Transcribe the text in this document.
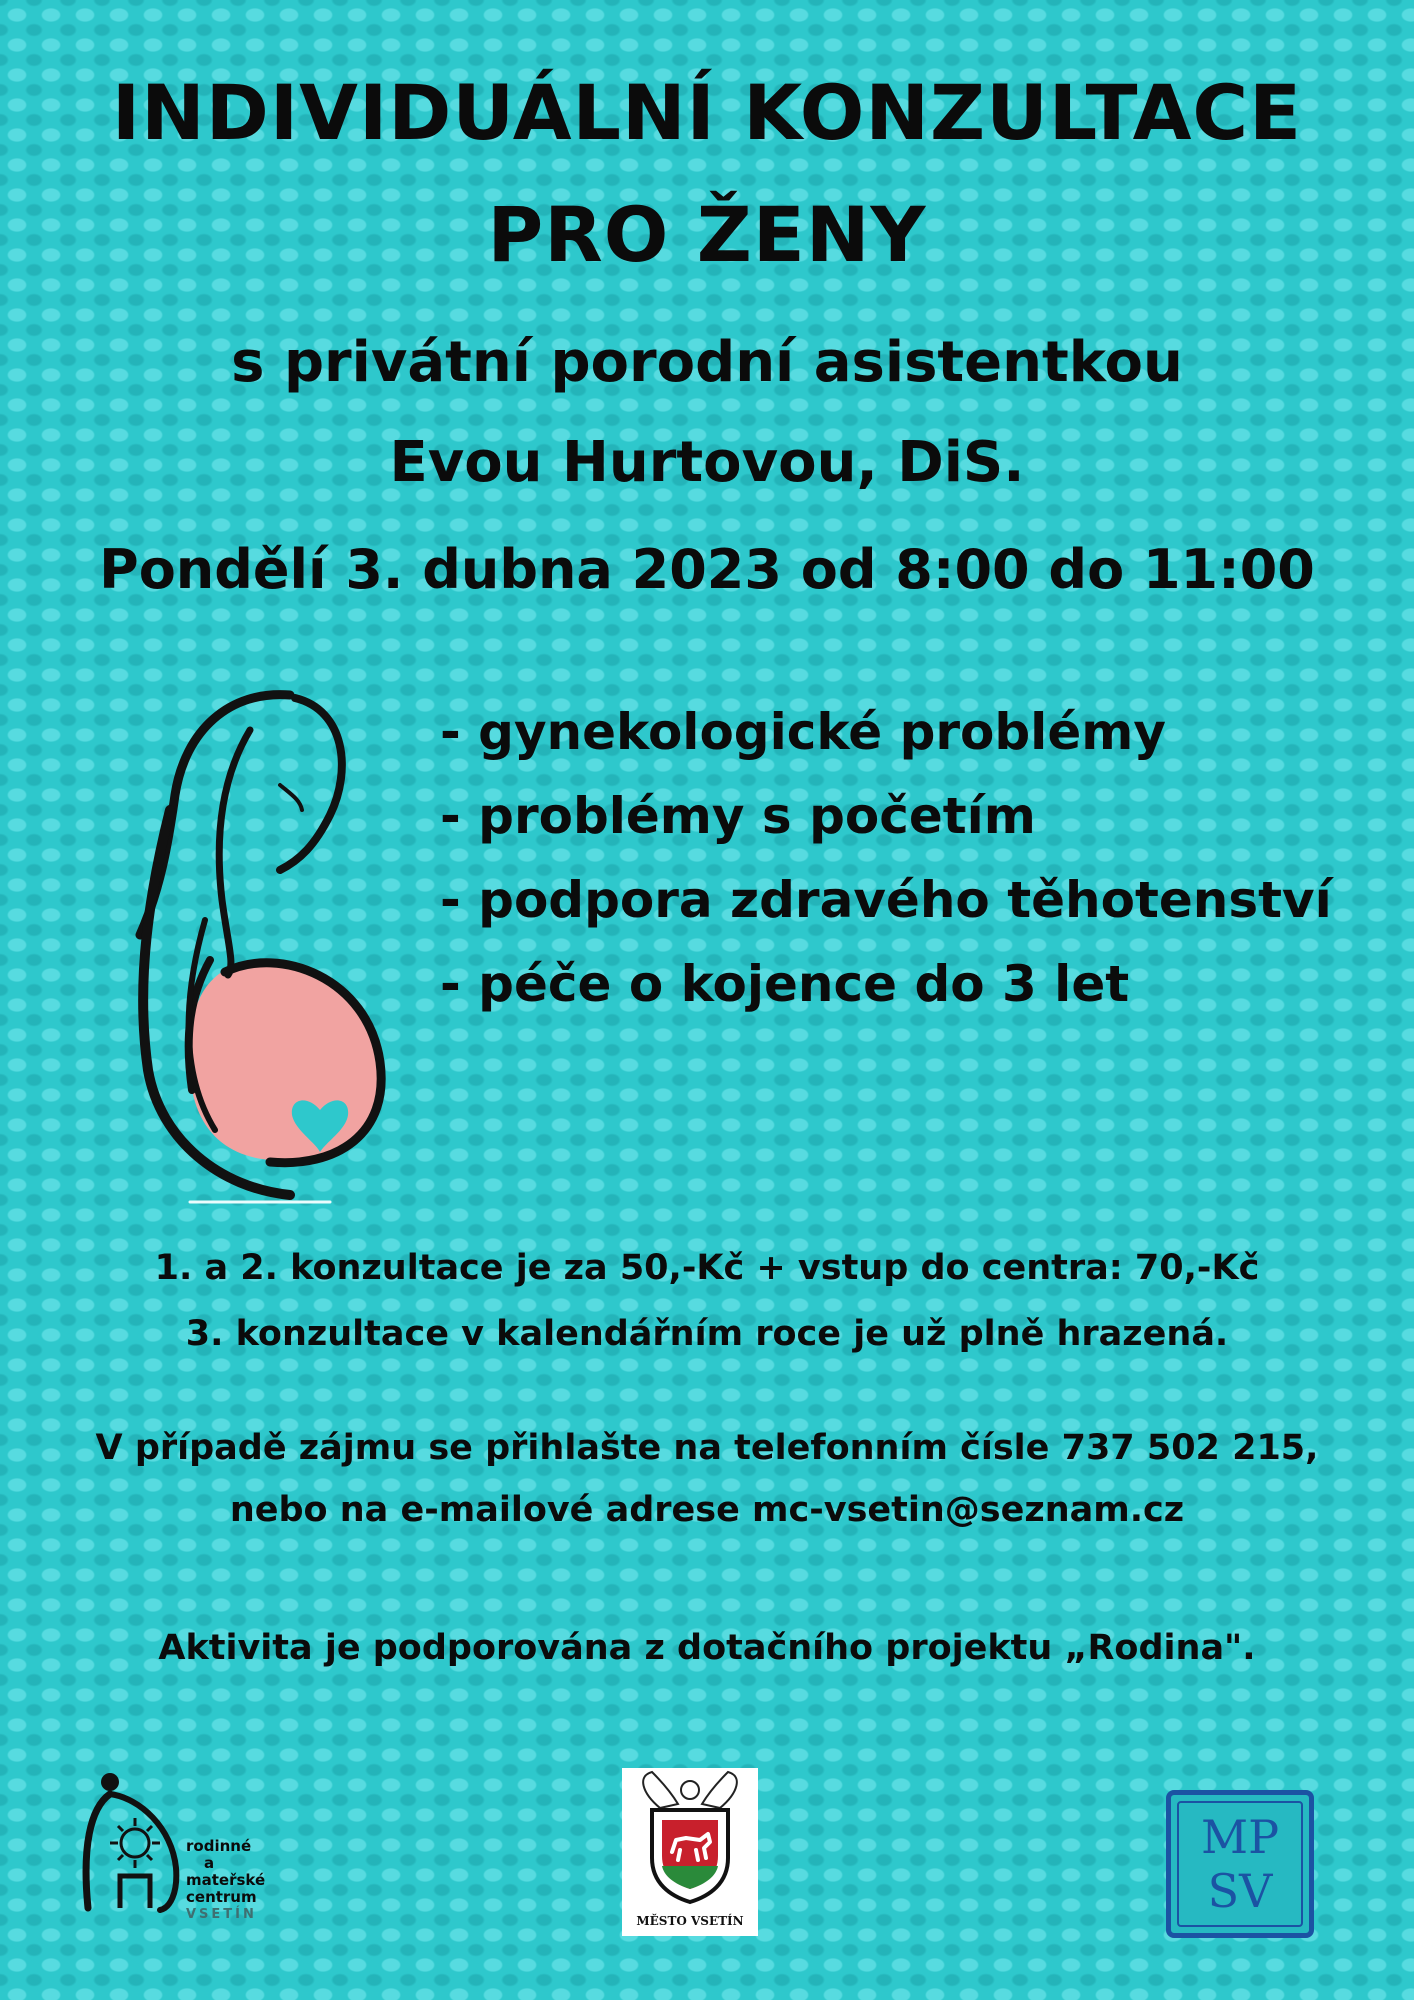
INDIVIDUÁLNÍ KONZULTACE
PRO ŽENY
s privátní porodní asistentkou
Evou Hurtovou, DiS.
Pondělí 3. dubna 2023 od 8:00 do 11:00
- gynekologické problémy
- problémy s početím
- podpora zdravého těhotenství
- péče o kojence do 3 let
1. a 2. konzultace je za 50,-Kč + vstup do centra: 70,-Kč
3. konzultace v kalendářním roce je už plně hrazená.
V případě zájmu se přihlašte na telefonním čísle 737 502 215,
nebo na e-mailové adrese mc-vsetin@seznam.cz
Aktivita je podporována z dotačního projektu „Rodina".
rodinné
a
mateřské
centrum
VSETÍN	MĚSTO VSETÍN
MP
SV
